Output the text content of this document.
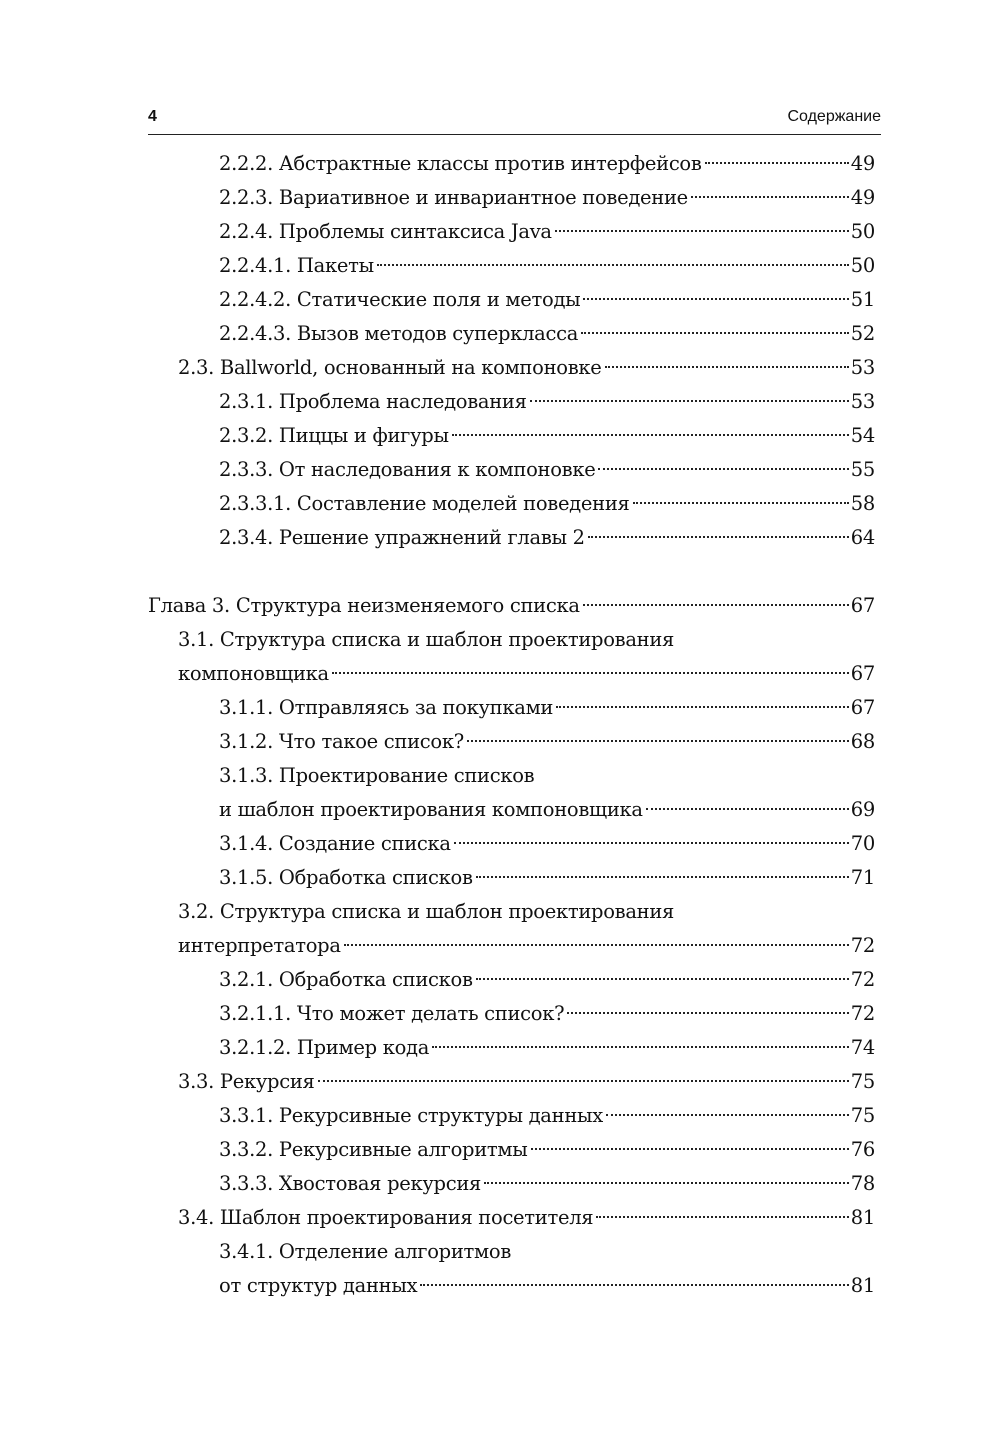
4	Содержание
2.2.2. Абстрактные классы против интерфейсов	49
2.2.3. Вариативное и инвариантное поведение	49
2.2.4. Проблемы синтаксиса Java	50
2.2.4.1. Пакеты	50
2.2.4.2. Статические поля и методы	51
2.2.4.3. Вызов методов суперкласса	52
2.3. Ballworld, основанный на компоновке	53
2.3.1. Проблема наследования	53
2.3.2. Пиццы и фигуры	54
2.3.3. От наследования к компоновке	55
2.3.3.1. Составление моделей поведения	58
2.3.4. Решение упражнений главы 2	64
Глава 3. Структура неизменяемого списка	67
3.1. Структура списка и шаблон проектирования
компоновщика	67
3.1.1. Отправляясь за покупками	67
3.1.2. Что такое список?	68
3.1.3. Проектирование списков
и шаблон проектирования компоновщика	69
3.1.4. Создание списка	70
3.1.5. Обработка списков	71
3.2. Структура списка и шаблон проектирования
интерпретатора	72
3.2.1. Обработка списков	72
3.2.1.1. Что может делать список?	72
3.2.1.2. Пример кода	74
3.3. Рекурсия	75
3.3.1. Рекурсивные структуры данных	75
3.3.2. Рекурсивные алгоритмы	76
3.3.3. Хвостовая рекурсия	78
3.4. Шаблон проектирования посетителя	81
3.4.1. Отделение алгоритмов
от структур данных	81
